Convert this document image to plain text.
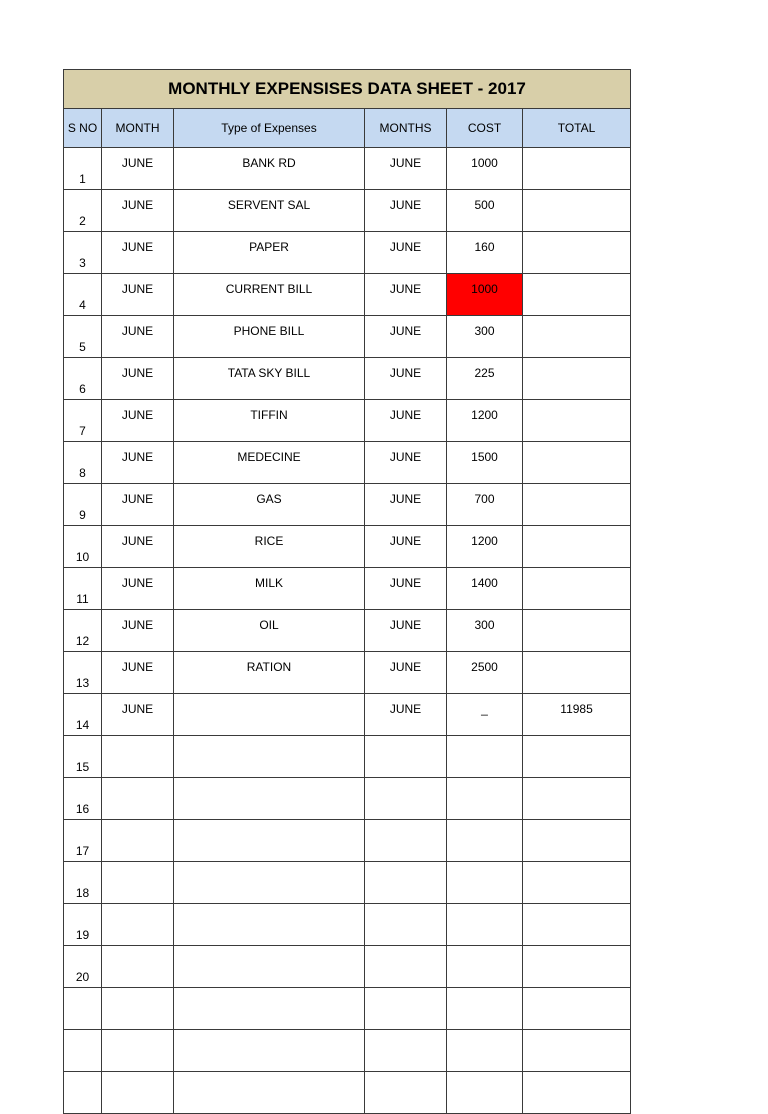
MONTHLY EXPENSISES DATA SHEET - 2017					
S NO	MONTH	Type of Expenses	MONTHS	COST	TOTAL
1	JUNE	BANK RD	JUNE	1000	
2	JUNE	SERVENT SAL	JUNE	500	
3	JUNE	PAPER	JUNE	160	
4	JUNE	CURRENT BILL	JUNE	1000	
5	JUNE	PHONE BILL	JUNE	300	
6	JUNE	TATA SKY BILL	JUNE	225	
7	JUNE	TIFFIN	JUNE	1200	
8	JUNE	MEDECINE	JUNE	1500	
9	JUNE	GAS	JUNE	700	
10	JUNE	RICE	JUNE	1200	
11	JUNE	MILK	JUNE	1400	
12	JUNE	OIL	JUNE	300	
13	JUNE	RATION	JUNE	2500	
14	JUNE		JUNE	_	11985
15					
16					
17					
18					
19					
20					
